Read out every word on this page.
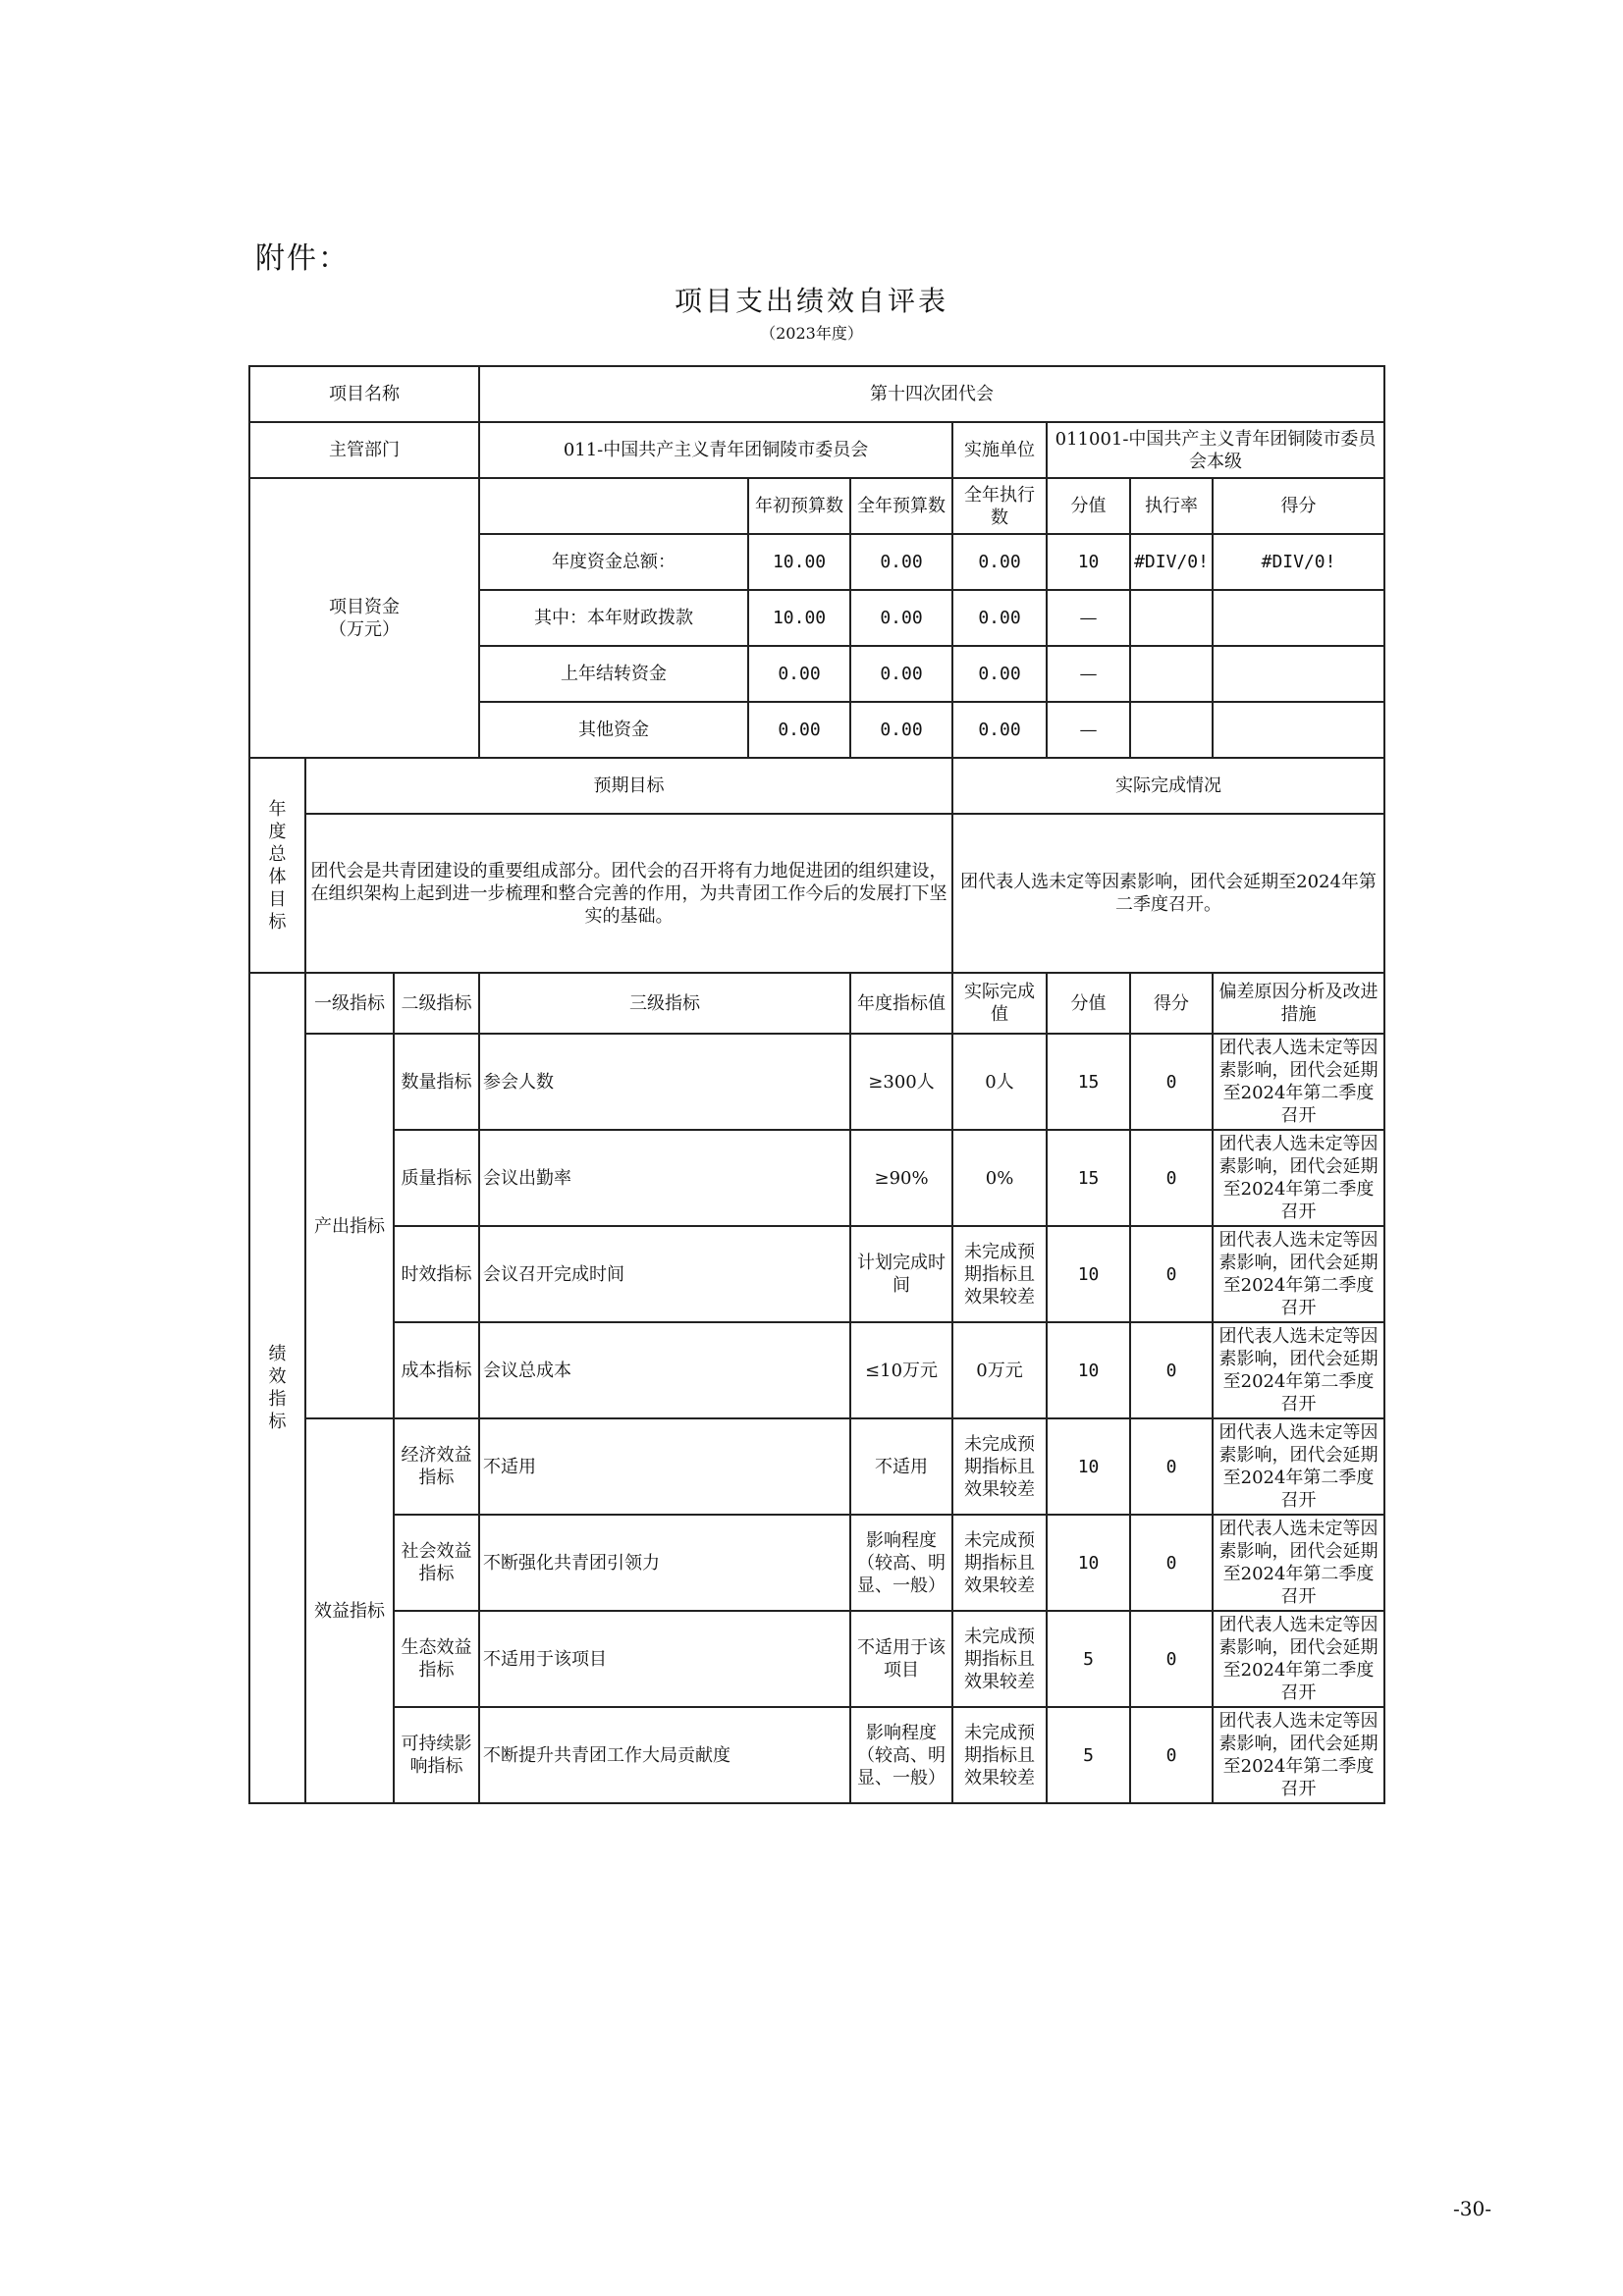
附件：
项目支出绩效自评表
（2023年度）
项目名称			第十四次团代会						
主管部门			011-中国共产主义青年团铜陵市委员会			实施单位	011001-中国共产主义青年团铜陵市委员会本级		

项目资金
（万元）				年初预算数	全年预算数	全年执行数	分值	执行率	得分
			年度资金总额：	10.00	0.00	0.00	10	#DIV/0!	#DIV/0!
			其中：本年财政拨款	10.00	0.00	0.00	—		
			上年结转资金	0.00	0.00	0.00	—		
			其他资金	0.00	0.00	0.00	—		
年度总体目标	预期目标					实际完成情况			
	团代会是共青团建设的重要组成部分。团代会的召开将有力地促进团的组织建设，在组织架构上起到进一步梳理和整合完善的作用，为共青团工作今后的发展打下坚实的基础。					团代表人选未定等因素影响，团代会延期至2024年第二季度召开。			
绩效指标	一级指标	二级指标	三级指标		年度指标值	实际完成值	分值	得分	偏差原因分析及改进措施
	产出指标	数量指标	参会人数		≥300人	0人	15	0	团代表人选未定等因素影响，团代会延期至2024年第二季度召开
		质量指标	会议出勤率		≥90%	0%	15	0	团代表人选未定等因素影响，团代会延期至2024年第二季度召开
		时效指标	会议召开完成时间		计划完成时间	未完成预期指标且效果较差	10	0	团代表人选未定等因素影响，团代会延期至2024年第二季度召开
		成本指标	会议总成本		≤10万元	0万元	10	0	团代表人选未定等因素影响，团代会延期至2024年第二季度召开
	效益指标	经济效益指标	不适用		不适用	未完成预期指标且效果较差	10	0	团代表人选未定等因素影响，团代会延期至2024年第二季度召开
		社会效益指标	不断强化共青团引领力		影响程度（较高、明显、一般）	未完成预期指标且效果较差	10	0	团代表人选未定等因素影响，团代会延期至2024年第二季度召开
		生态效益指标	不适用于该项目		不适用于该项目	未完成预期指标且效果较差	5	0	团代表人选未定等因素影响，团代会延期至2024年第二季度召开
		可持续影响指标	不断提升共青团工作大局贡献度		影响程度（较高、明显、一般）	未完成预期指标且效果较差	5	0	团代表人选未定等因素影响，团代会延期至2024年第二季度召开
-30-
